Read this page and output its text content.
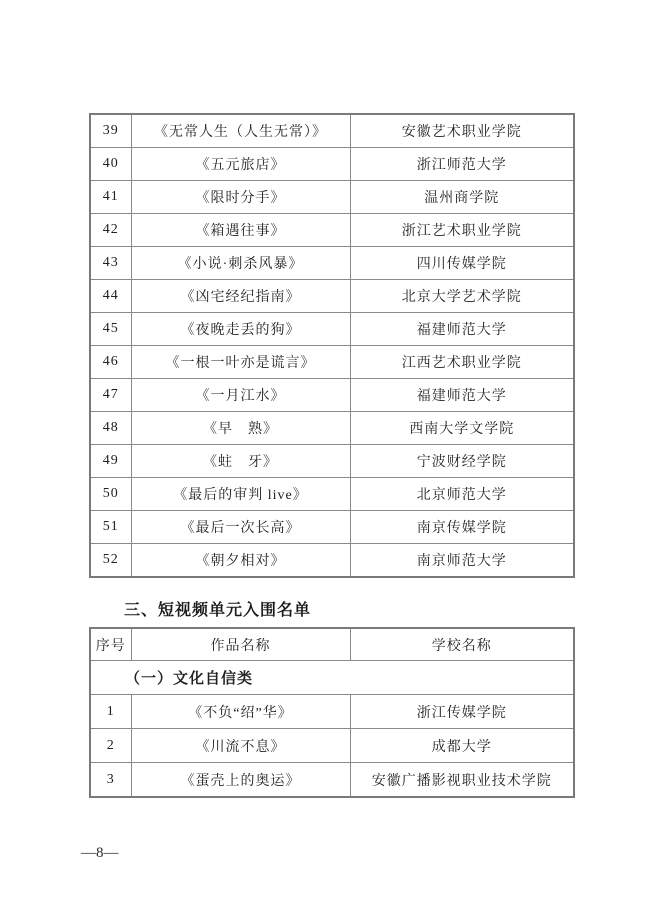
39	《无常人生（人生无常）》	安徽艺术职业学院
40	《五元旅店》	浙江师范大学
41	《限时分手》	温州商学院
42	《箱遇往事》	浙江艺术职业学院
43	《小说·刺杀风暴》	四川传媒学院
44	《凶宅经纪指南》	北京大学艺术学院
45	《夜晚走丢的狗》	福建师范大学
46	《一根一叶亦是谎言》	江西艺术职业学院
47	《一月江水》	福建师范大学
48	《早　熟》	西南大学文学院
49	《蛀　牙》	宁波财经学院
50	《最后的审判 live》	北京师范大学
51	《最后一次长高》	南京传媒学院
52	《朝夕相对》	南京师范大学
三、短视频单元入围名单
序号	作品名称	学校名称
（一）文化自信类		
1	《不负“绍”华》	浙江传媒学院
2	《川流不息》	成都大学
3	《蛋壳上的奥运》	安徽广播影视职业技术学院
—8—
